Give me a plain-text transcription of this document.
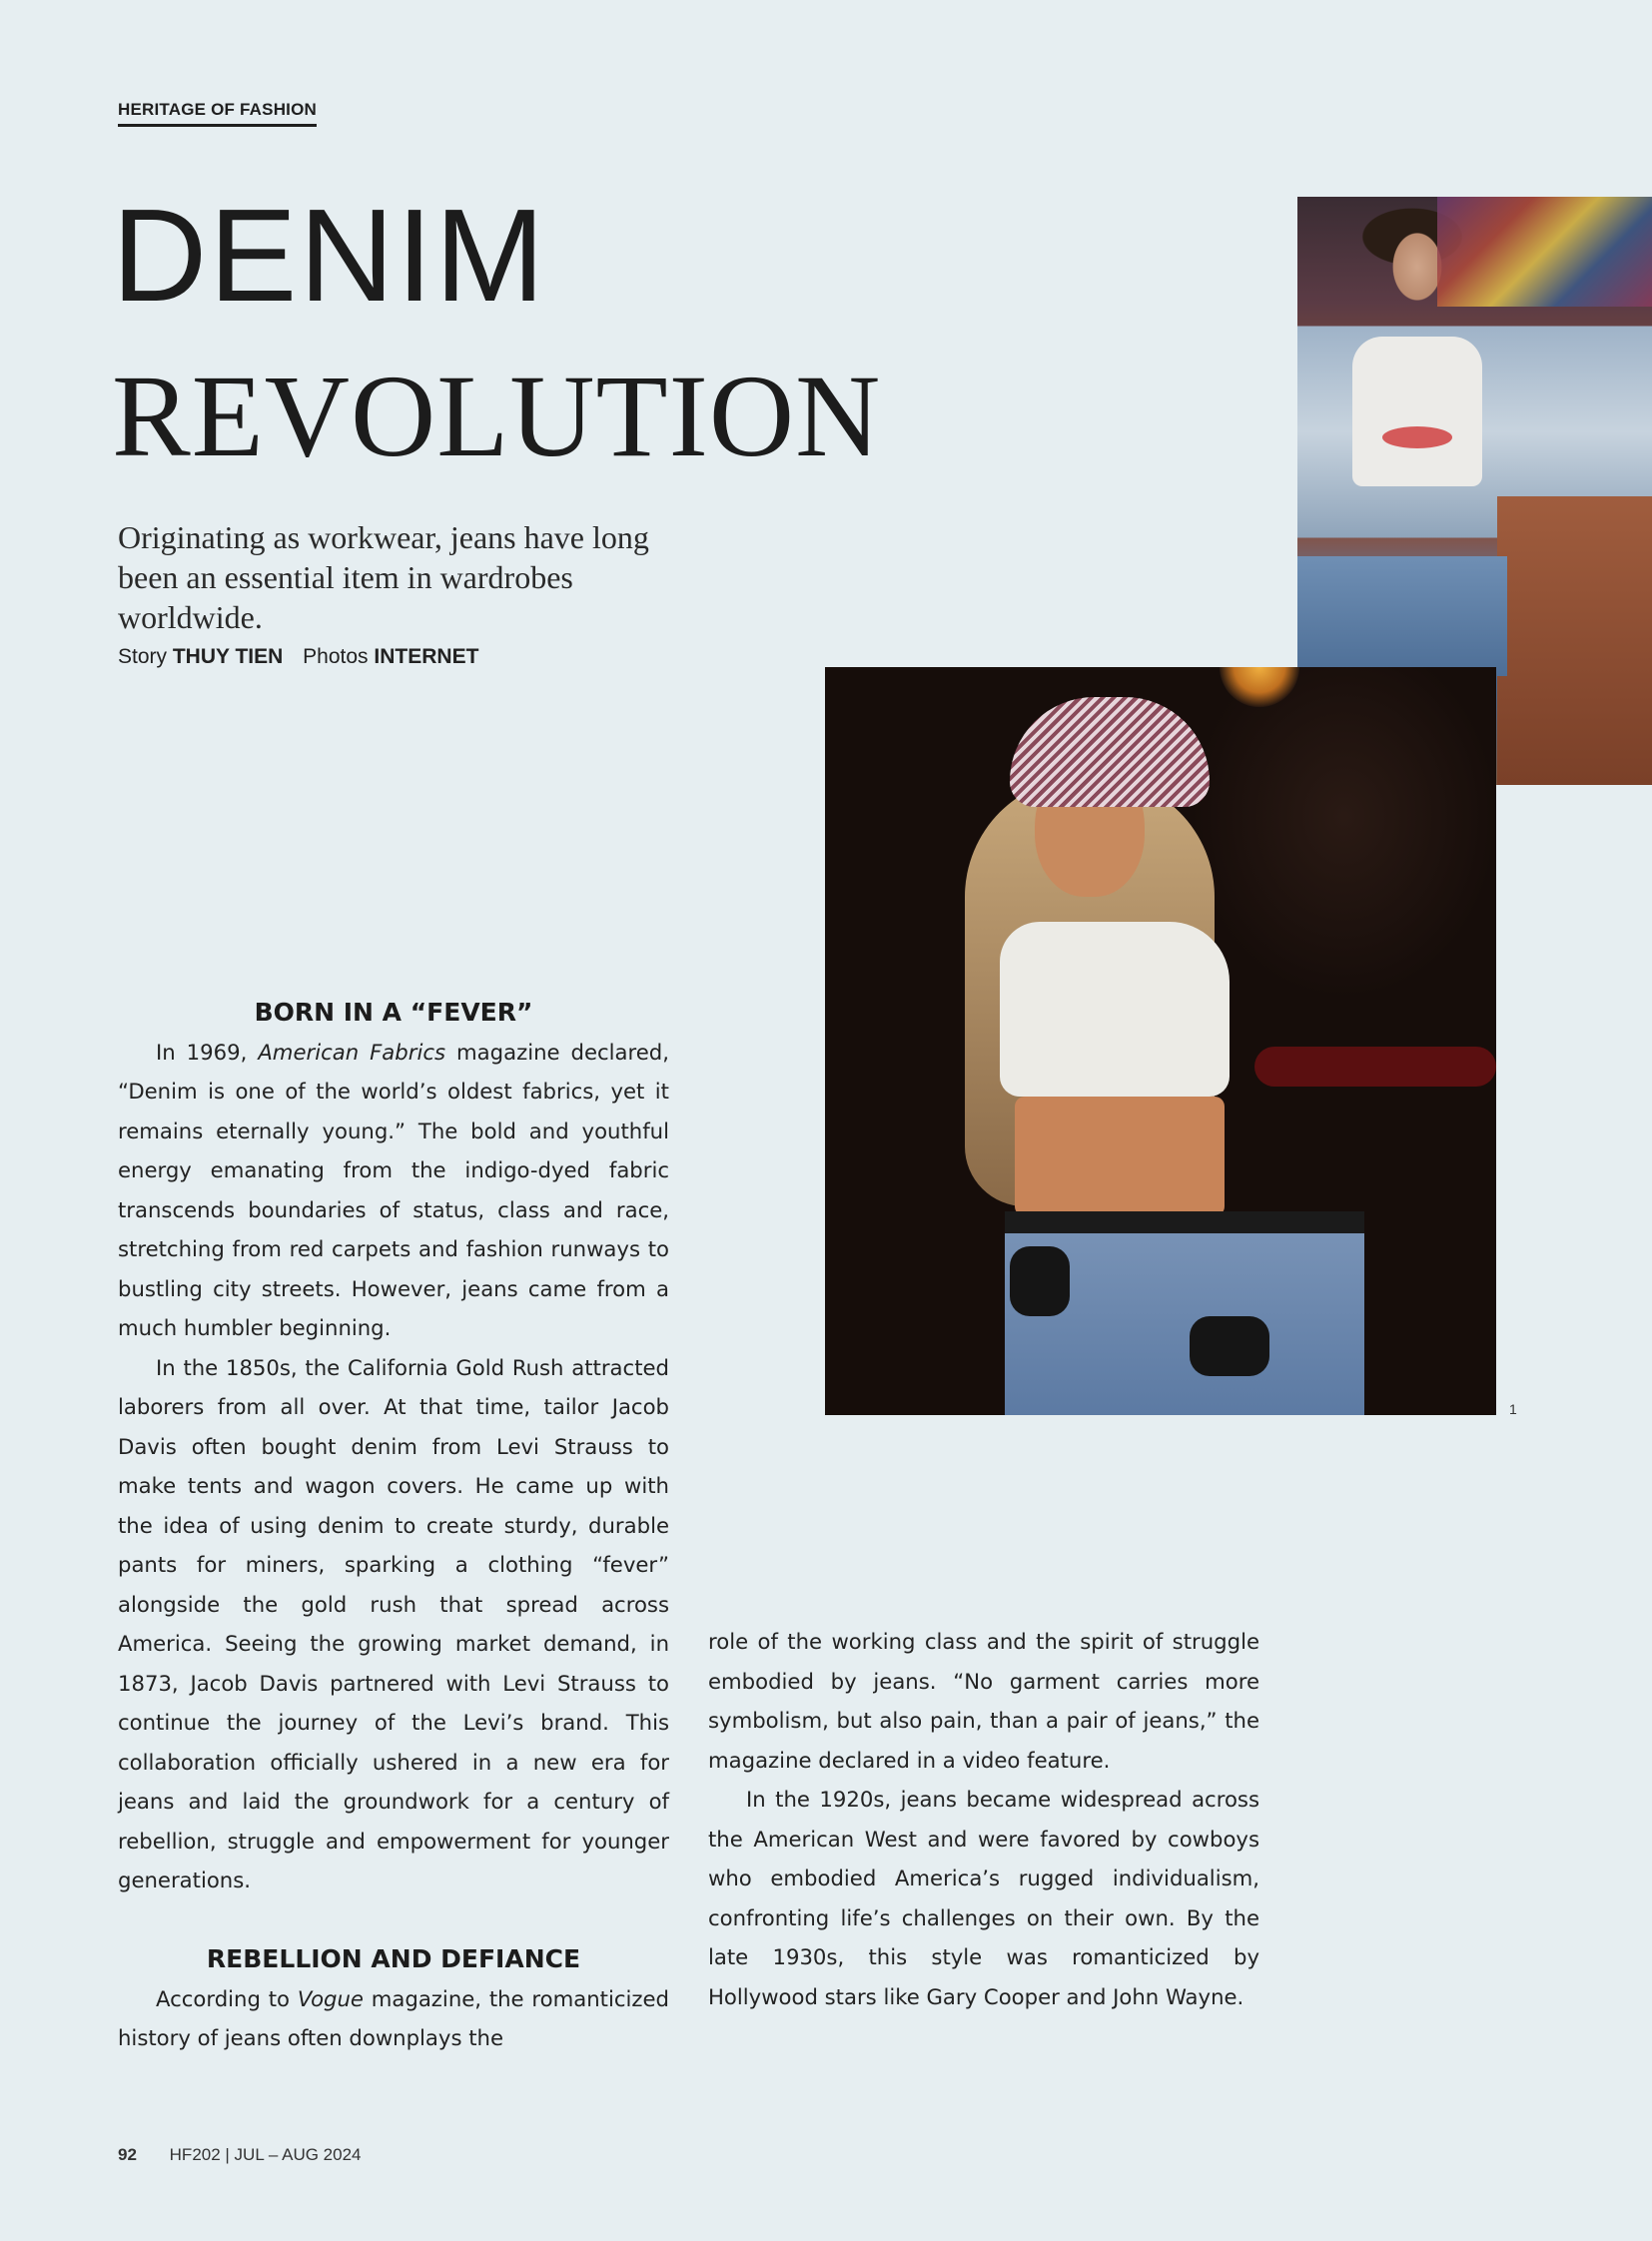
HERITAGE OF FASHION
DENIM
REVOLUTION
Originating as workwear, jeans have long been an essential item in wardrobes worldwide.
Story THUY TIEN Photos INTERNET
1
BORN IN A “FEVER”

In 1969, American Fabrics magazine declared, “Denim is one of the world’s oldest fabrics, yet it remains eternally young.” The bold and youthful energy emanating from the indigo-dyed fabric transcends boundaries of status, class and race, stretching from red carpets and fashion runways to bustling city streets. However, jeans came from a much humbler beginning.

In the 1850s, the California Gold Rush attracted laborers from all over. At that time, tailor Jacob Davis often bought denim from Levi Strauss to make tents and wagon covers. He came up with the idea of using denim to create sturdy, durable pants for miners, sparking a clothing “fever” alongside the gold rush that spread across America. Seeing the growing market demand, in 1873, Jacob Davis partnered with Levi Strauss to continue the journey of the Levi’s brand. This collaboration officially ushered in a new era for jeans and laid the groundwork for a century of rebellion, struggle and empowerment for younger generations.

REBELLION AND DEFIANCE

According to Vogue magazine, the romanticized history of jeans often downplays the

role of the working class and the spirit of struggle embodied by jeans. “No garment carries more symbolism, but also pain, than a pair of jeans,” the magazine declared in a video feature.

In the 1920s, jeans became widespread across the American West and were favored by cowboys who embodied America’s rugged individualism, confronting life’s challenges on their own. By the late 1930s, this style was romanticized by Hollywood stars like Gary Cooper and John Wayne.

92 HF202 | JUL – AUG 2024
